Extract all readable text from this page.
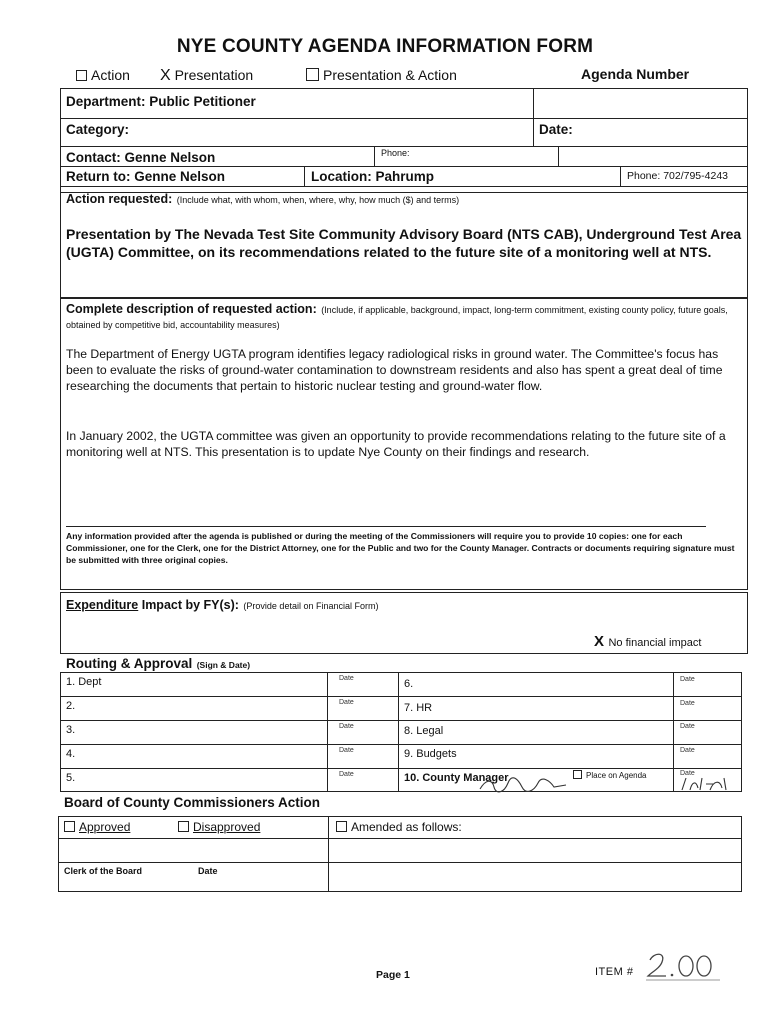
NYE COUNTY AGENDA INFORMATION FORM
Action X Presentation	Presentation & Action	Agenda Number
Department: Public Petitioner
Category:	Date:
Contact: Genne Nelson	Phone:
Return to: Genne Nelson	Location: Pahrump	Phone: 702/795-4243
Action requested: (Include what, with whom, when, where, why, how much ($) and terms)
Presentation by The Nevada Test Site Community Advisory Board (NTS CAB), Underground Test Area (UGTA) Committee, on its recommendations related to the future site of a monitoring well at NTS.
Complete description of requested action: (Include, if applicable, background, impact, long-term commitment, existing county policy, future goals, obtained by competitive bid, accountability measures)
The Department of Energy UGTA program identifies legacy radiological risks in ground water. The Committee's focus has been to evaluate the risks of ground-water contamination to downstream residents and also has spent a great deal of time researching the documents that pertain to historic nuclear testing and ground-water flow.
In January 2002, the UGTA committee was given an opportunity to provide recommendations relating to the future site of a monitoring well at NTS. This presentation is to update Nye County on their findings and research.
Any information provided after the agenda is published or during the meeting of the Commissioners will require you to provide 10 copies: one for each Commissioner, one for the Clerk, one for the District Attorney, one for the Public and two for the County Manager. Contracts or documents requiring signature must be submitted with three original copies.
Expenditure Impact by FY(s): (Provide detail on Financial Form)
X No financial impact
Routing & Approval (Sign & Date)
1. Dept	Date	6.	Date
2.	Date	7. HR	Date
3.	Date	8. Legal	Date
4.	Date	9. Budgets	Date
5.	Date	10. County Manager	Place on Agenda	Date
Board of County Commissioners Action
Approved	Disapproved	Amended as follows:
Clerk of the Board	Date
Page 1	ITEM #
